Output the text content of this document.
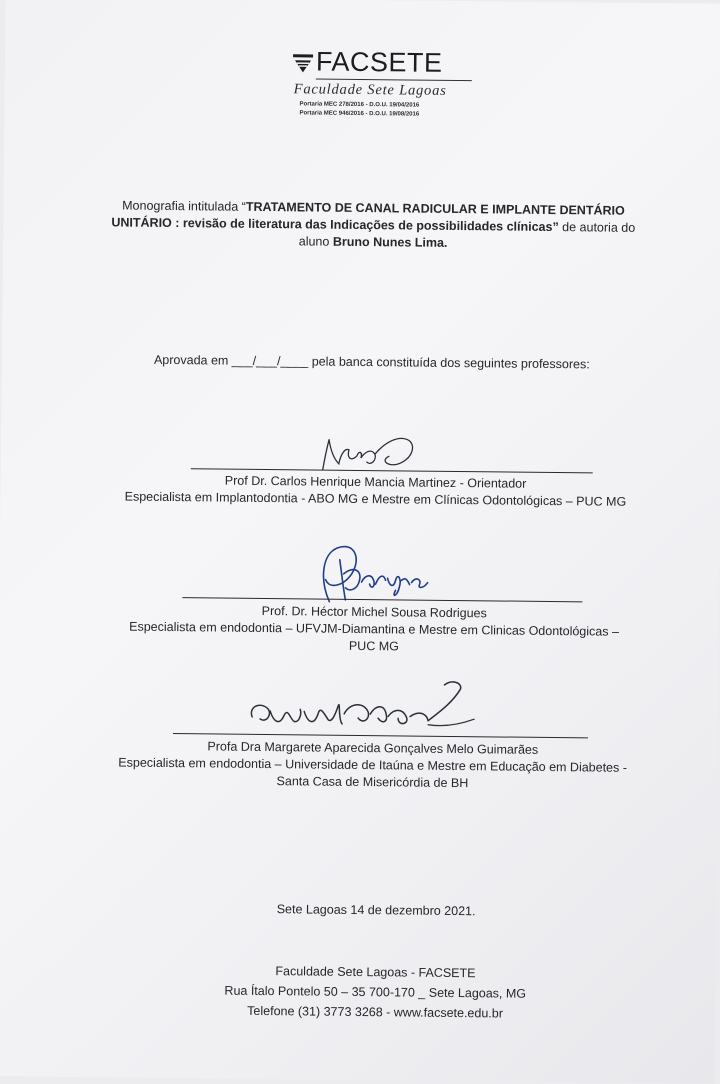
FACSETE
Faculdade Sete Lagoas
Portaria MEC 278/2016 - D.O.U. 19/04/2016
Portaria MEC 946/2016 - D.O.U. 19/08/2016
Monografia intitulada “TRATAMENTO DE CANAL RADICULAR E IMPLANTE DENTÁRIO
UNITÁRIO : revisão de literatura das Indicações de possibilidades clínicas” de autoria do
aluno Bruno Nunes Lima.
Aprovada em ___/___/____ pela banca constituída dos seguintes professores:
Prof Dr. Carlos Henrique Mancia Martinez - Orientador
Especialista em Implantodontia - ABO MG e Mestre em Clínicas Odontológicas – PUC MG
Prof. Dr. Héctor Michel Sousa Rodrigues
Especialista em endodontia – UFVJM-Diamantina e Mestre em Clinicas Odontológicas –
PUC MG
Profa Dra Margarete Aparecida Gonçalves Melo Guimarães
Especialista em endodontia – Universidade de Itaúna e Mestre em Educação em Diabetes -
Santa Casa de Misericórdia de BH
Sete Lagoas 14 de dezembro 2021.
Faculdade Sete Lagoas - FACSETE
Rua Ítalo Pontelo 50 – 35 700-170 _ Sete Lagoas, MG
Telefone (31) 3773 3268 - www.facsete.edu.br
